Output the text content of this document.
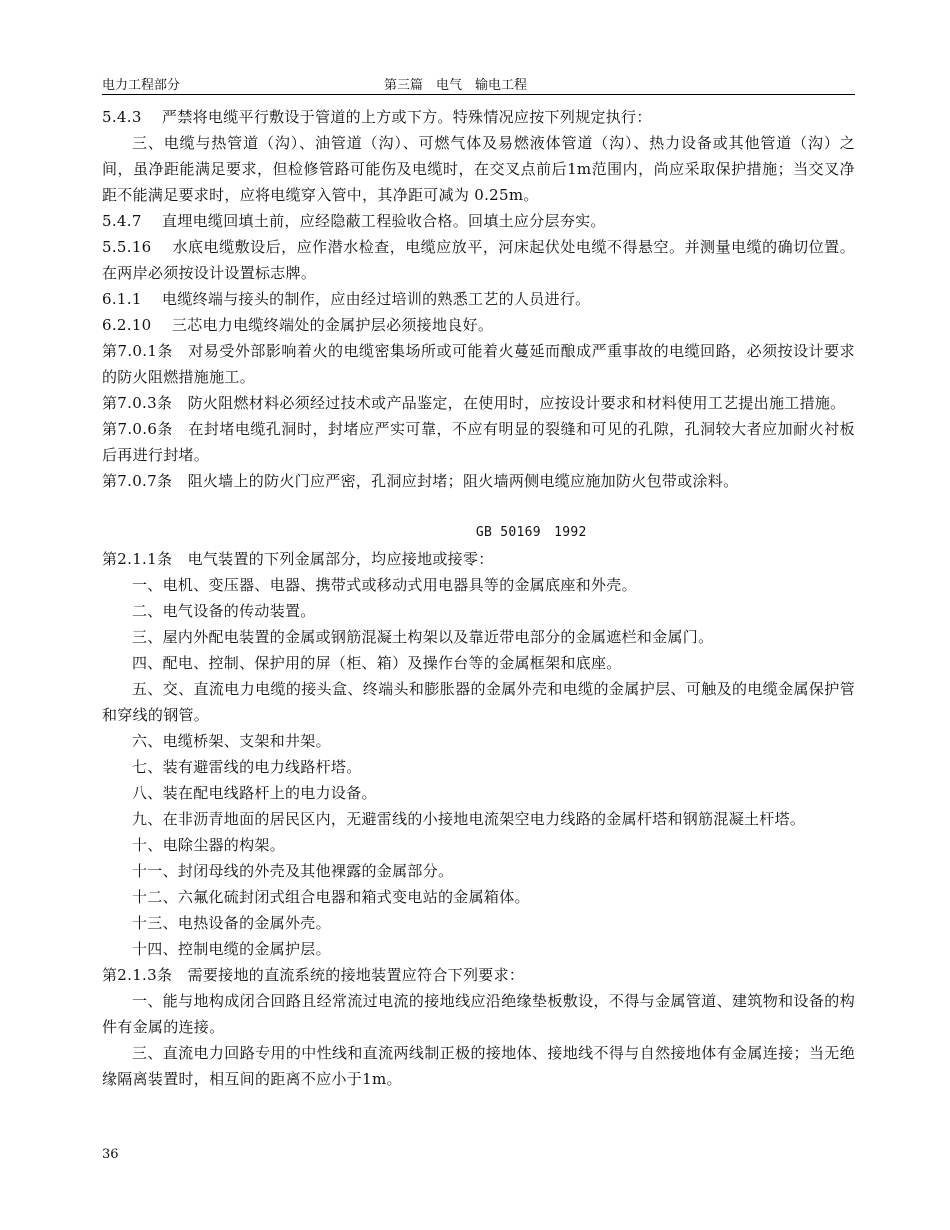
电力工程部分	第三篇　电气　输电工程

5.4.3　 严禁将电缆平行敷设于管道的上方或下方。特殊情况应按下列规定执行：

三、电缆与热管道（沟）、油管道（沟）、可燃气体及易燃液体管道（沟）、热力设备或其他管道（沟）之间，虽净距能满足要求，但检修管路可能伤及电缆时，在交叉点前后1m范围内，尚应采取保护措施；当交叉净距不能满足要求时，应将电缆穿入管中，其净距可减为 0.25m。

5.4.7　 直埋电缆回填土前，应经隐蔽工程验收合格。回填土应分层夯实。

5.5.16　 水底电缆敷设后，应作潜水检查，电缆应放平，河床起伏处电缆不得悬空。并测量电缆的确切位置。在两岸必须按设计设置标志牌。

6.1.1　 电缆终端与接头的制作，应由经过培训的熟悉工艺的人员进行。

6.2.10　 三芯电力电缆终端处的金属护层必须接地良好。

第7.0.1条　对易受外部影响着火的电缆密集场所或可能着火蔓延而酿成严重事故的电缆回路，必须按设计要求的防火阻燃措施施工。

第7.0.3条　防火阻燃材料必须经过技术或产品鉴定，在使用时，应按设计要求和材料使用工艺提出施工措施。

第7.0.6条　在封堵电缆孔洞时，封堵应严实可靠，不应有明显的裂缝和可见的孔隙，孔洞较大者应加耐火衬板后再进行封堵。

第7.0.7条　阻火墙上的防火门应严密，孔洞应封堵；阻火墙两侧电缆应施加防火包带或涂料。

GB 50169　1992

第2.1.1条　电气装置的下列金属部分，均应接地或接零：

一、电机、变压器、电器、携带式或移动式用电器具等的金属底座和外壳。

二、电气设备的传动装置。

三、屋内外配电装置的金属或钢筋混凝土构架以及靠近带电部分的金属遮栏和金属门。

四、配电、控制、保护用的屏（柜、箱）及操作台等的金属框架和底座。

五、交、直流电力电缆的接头盒、终端头和膨胀器的金属外壳和电缆的金属护层、可触及的电缆金属保护管和穿线的钢管。

六、电缆桥架、支架和井架。

七、装有避雷线的电力线路杆塔。

八、装在配电线路杆上的电力设备。

九、在非沥青地面的居民区内，无避雷线的小接地电流架空电力线路的金属杆塔和钢筋混凝土杆塔。

十、电除尘器的构架。

十一、封闭母线的外壳及其他裸露的金属部分。

十二、六氟化硫封闭式组合电器和箱式变电站的金属箱体。

十三、电热设备的金属外壳。

十四、控制电缆的金属护层。

第2.1.3条　需要接地的直流系统的接地装置应符合下列要求：

一、能与地构成闭合回路且经常流过电流的接地线应沿绝缘垫板敷设，不得与金属管道、建筑物和设备的构件有金属的连接。

三、直流电力回路专用的中性线和直流两线制正极的接地体、接地线不得与自然接地体有金属连接；当无绝缘隔离装置时，相互间的距离不应小于1m。

36
